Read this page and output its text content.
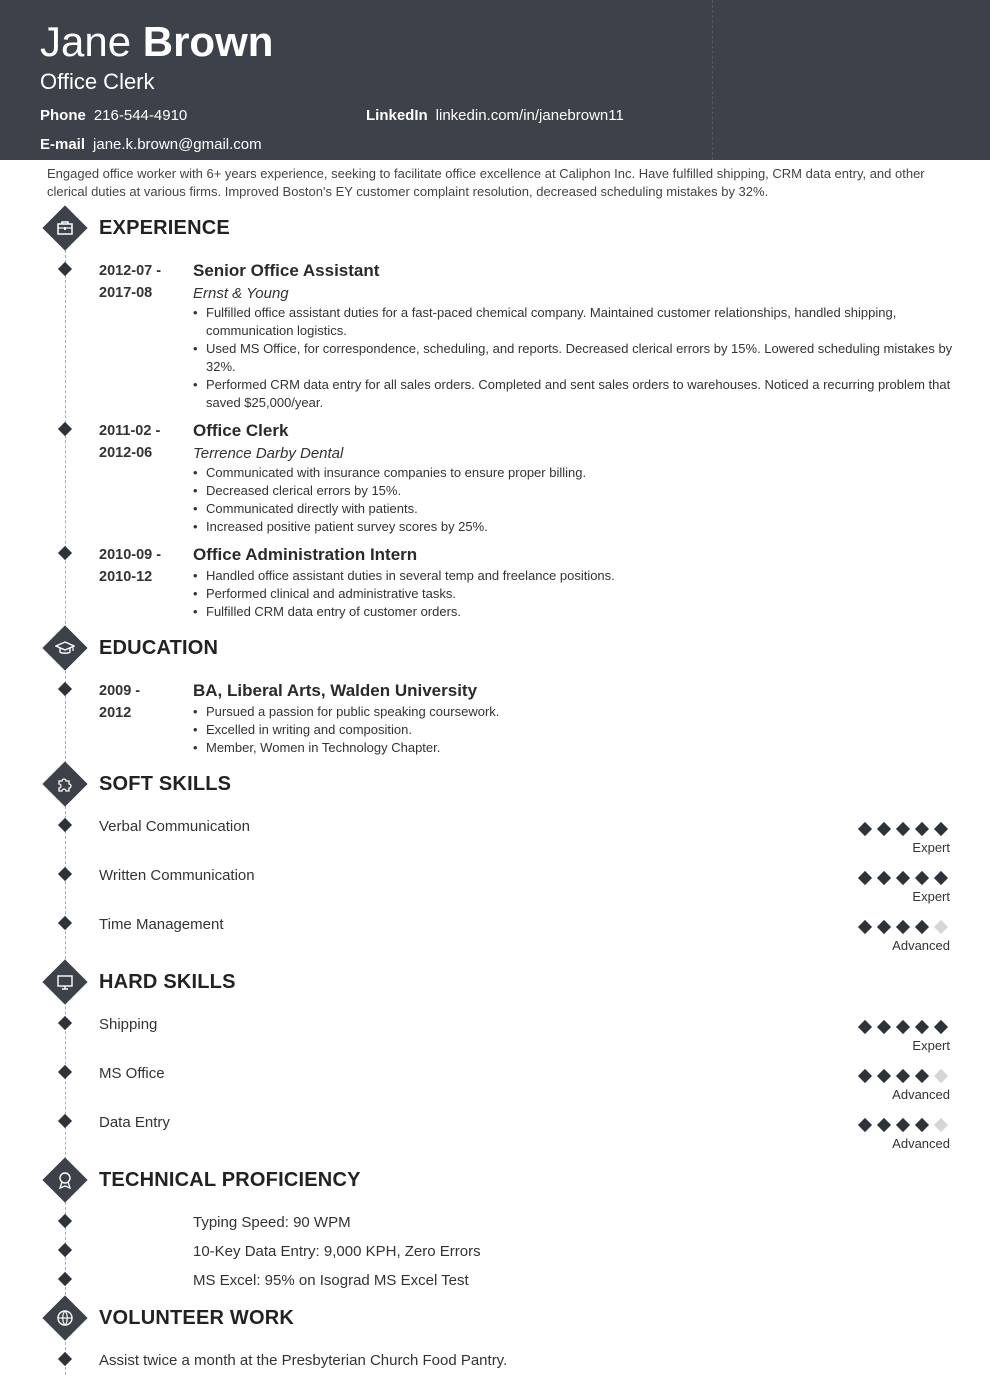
Jane Brown
Office Clerk
Phone 216-544-4910
E-mail jane.k.brown@gmail.com
LinkedIn linkedin.com/in/janebrown11
Engaged office worker with 6+ years experience, seeking to facilitate office excellence at Caliphon Inc. Have fulfilled shipping, CRM data entry, and other clerical duties at various firms. Improved Boston's EY customer complaint resolution, decreased scheduling mistakes by 32%.
EXPERIENCE
2012-07 -
2017-08
Senior Office Assistant
Ernst & Young
• Fulfilled office assistant duties for a fast-paced chemical company. Maintained customer relationships, handled shipping, communication logistics.
• Used MS Office, for correspondence, scheduling, and reports. Decreased clerical errors by 15%. Lowered scheduling mistakes by 32%.
• Performed CRM data entry for all sales orders. Completed and sent sales orders to warehouses. Noticed a recurring problem that saved $25,000/year.
2011-02 -
2012-06
Office Clerk
Terrence Darby Dental
• Communicated with insurance companies to ensure proper billing.
• Decreased clerical errors by 15%.
• Communicated directly with patients.
• Increased positive patient survey scores by 25%.
2010-09 -
2010-12
Office Administration Intern
• Handled office assistant duties in several temp and freelance positions.
• Performed clinical and administrative tasks.
• Fulfilled CRM data entry of customer orders.
EDUCATION
2009 -
2012
BA, Liberal Arts, Walden University
• Pursued a passion for public speaking coursework.
• Excelled in writing and composition.
• Member, Women in Technology Chapter.
SOFT SKILLS
Verbal Communication
Expert
Written Communication
Expert
Time Management
Advanced
HARD SKILLS
Shipping
Expert
MS Office
Advanced
Data Entry
Advanced
TECHNICAL PROFICIENCY
Typing Speed: 90 WPM
10-Key Data Entry: 9,000 KPH, Zero Errors
MS Excel: 95% on Isograd MS Excel Test
VOLUNTEER WORK
Assist twice a month at the Presbyterian Church Food Pantry.
